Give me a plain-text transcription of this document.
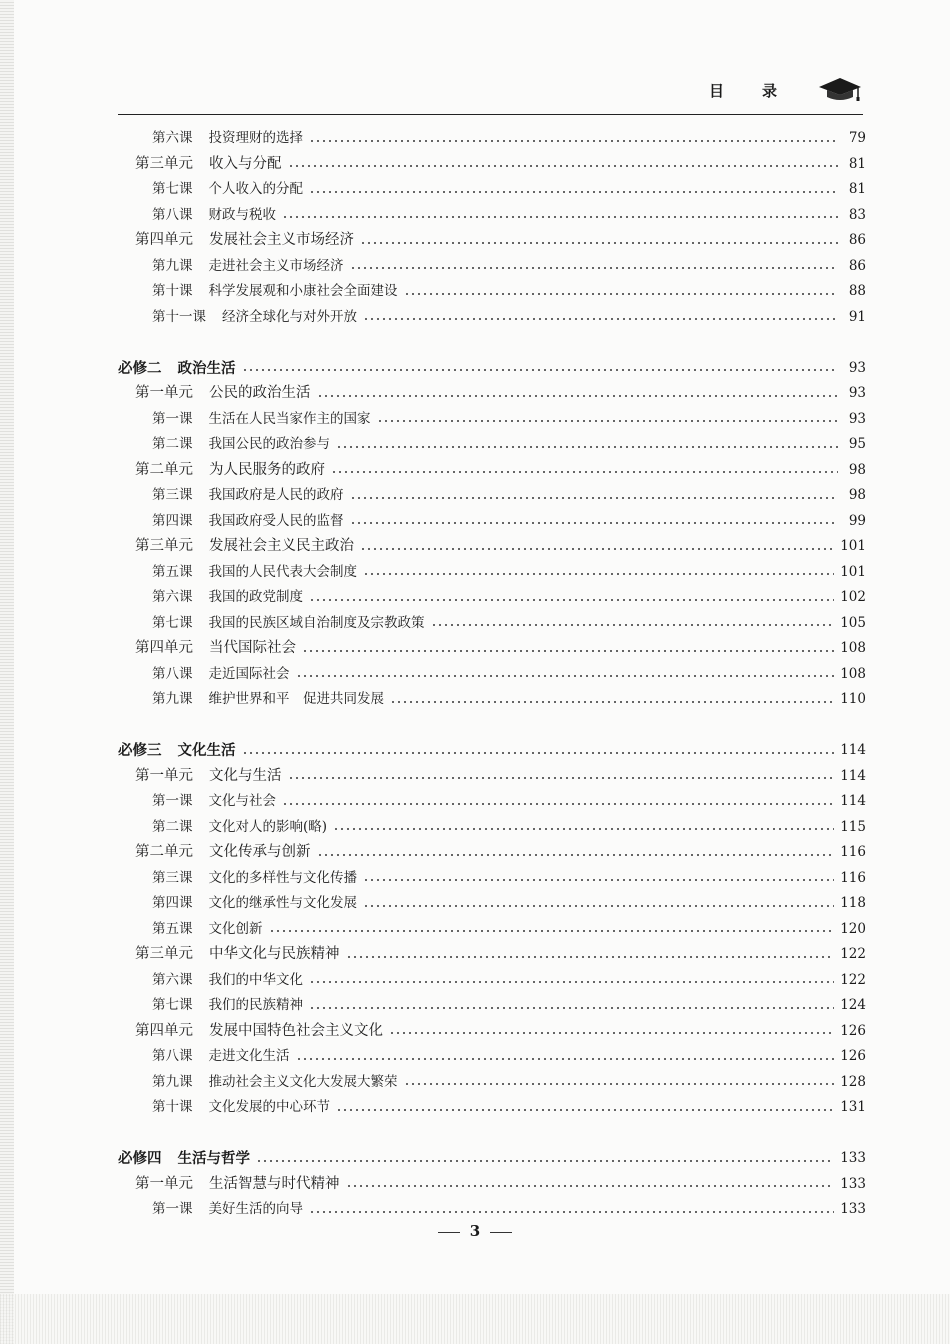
目录
第六课 投资理财的选择	79
第三单元 收入与分配	81
第七课 个人收入的分配	81
第八课 财政与税收	83
第四单元 发展社会主义市场经济	86
第九课 走进社会主义市场经济	86
第十课 科学发展观和小康社会全面建设	88
第十一课 经济全球化与对外开放	91
必修二 政治生活	93
第一单元 公民的政治生活	93
第一课 生活在人民当家作主的国家	93
第二课 我国公民的政治参与	95
第二单元 为人民服务的政府	98
第三课 我国政府是人民的政府	98
第四课 我国政府受人民的监督	99
第三单元 发展社会主义民主政治	101
第五课 我国的人民代表大会制度	101
第六课 我国的政党制度	102
第七课 我国的民族区域自治制度及宗教政策	105
第四单元 当代国际社会	108
第八课 走近国际社会	108
第九课 维护世界和平　促进共同发展	110
必修三 文化生活	114
第一单元 文化与生活	114
第一课 文化与社会	114
第二课 文化对人的影响(略)	115
第二单元 文化传承与创新	116
第三课 文化的多样性与文化传播	116
第四课 文化的继承性与文化发展	118
第五课 文化创新	120
第三单元 中华文化与民族精神	122
第六课 我们的中华文化	122
第七课 我们的民族精神	124
第四单元 发展中国特色社会主义文化	126
第八课 走进文化生活	126
第九课 推动社会主义文化大发展大繁荣	128
第十课 文化发展的中心环节	131
必修四 生活与哲学	133
第一单元 生活智慧与时代精神	133
第一课 美好生活的向导	133
3
